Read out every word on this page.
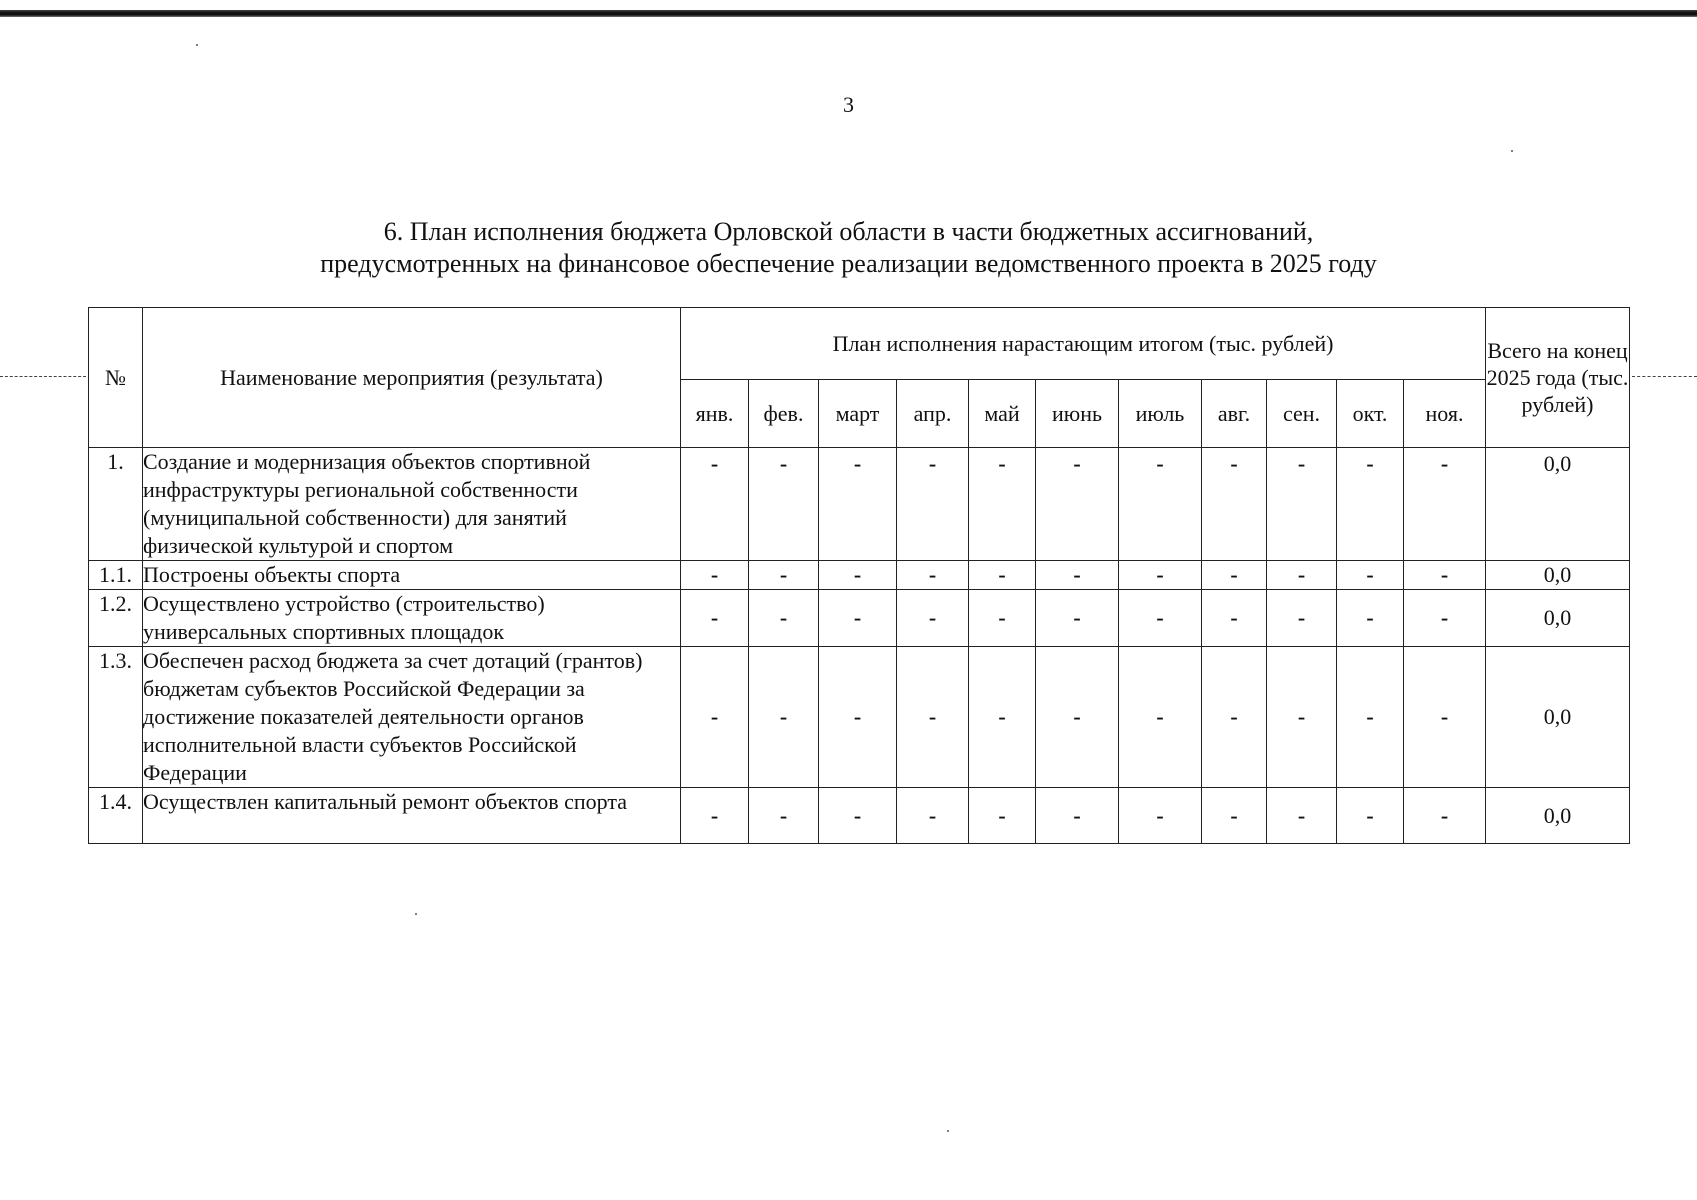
3
6. План исполнения бюджета Орловской области в части бюджетных ассигнований,
предусмотренных на финансовое обеспечение реализации ведомственного проекта в 2025 году
№	Наименование мероприятия (результата)	План исполнения нарастающим итогом (тыс. рублей)											Всего на конец 2025 года (тыс. рублей)
		янв.	фев.	март	апр.	май	июнь	июль	авг.	сен.	окт.	ноя.	
1.	Создание и модернизация объектов спортивной инфраструктуры региональной собственности (муниципальной собственности) для занятий физической культурой и спортом	-	-	-	-	-	-	-	-	-	-	-	0,0
1.1.	Построены объекты спорта	-	-	-	-	-	-	-	-	-	-	-	0,0
1.2.	Осуществлено устройство (строительство) универсальных спортивных площадок	-	-	-	-	-	-	-	-	-	-	-	0,0
1.3.	Обеспечен расход бюджета за счет дотаций (грантов) бюджетам субъектов Российской Федерации за достижение показателей деятельности органов исполнительной власти субъектов Российской Федерации	-	-	-	-	-	-	-	-	-	-	-	0,0
1.4.	Осуществлен капитальный ремонт объектов спорта	-	-	-	-	-	-	-	-	-	-	-	0,0
